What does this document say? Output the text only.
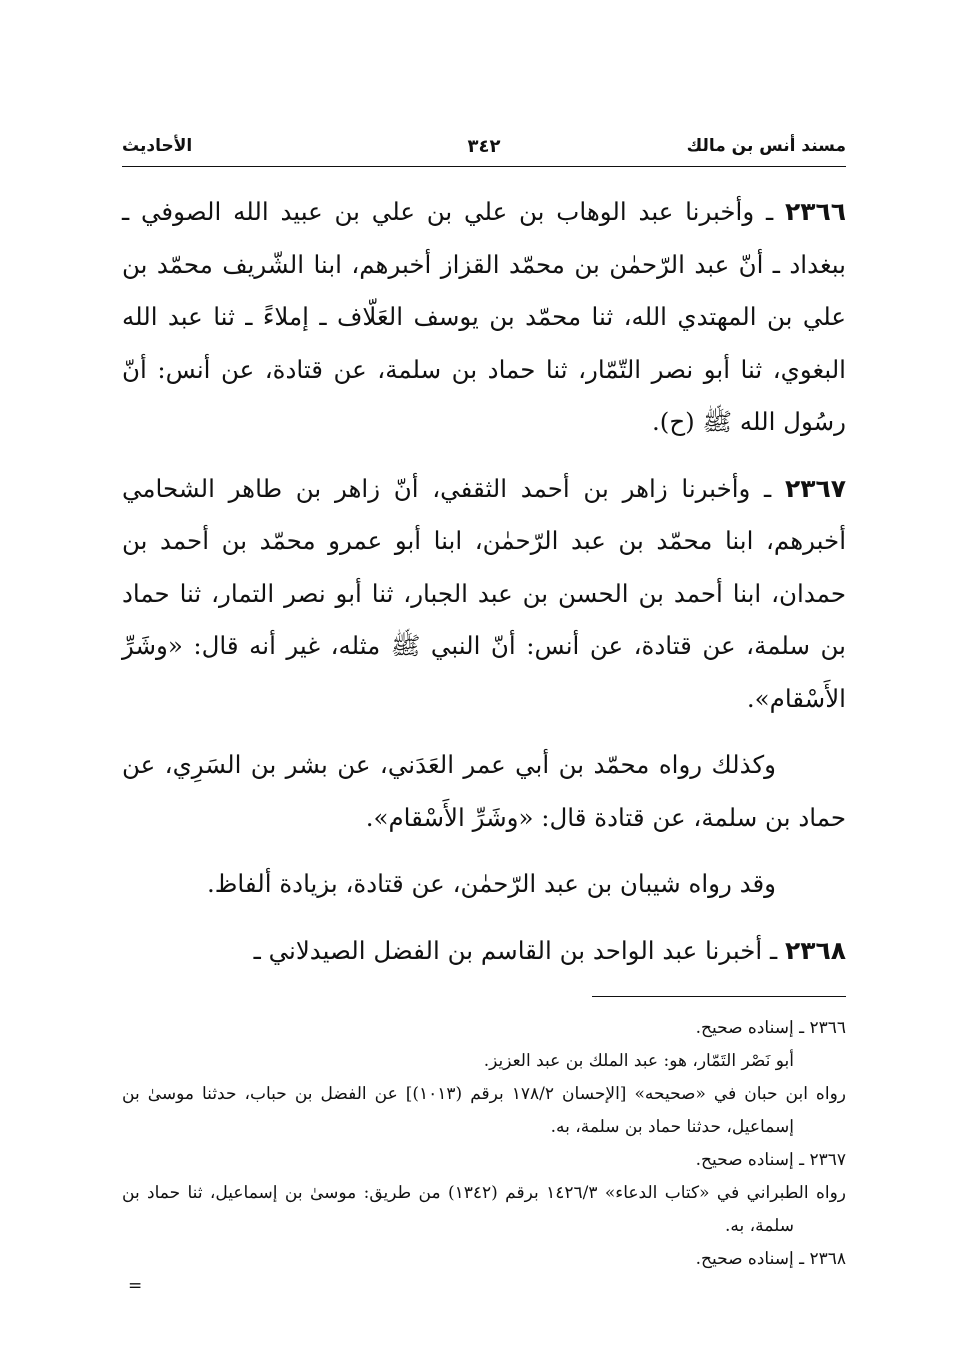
مسند أنس بن مالك
٣٤٢
الأحاديث

٢٣٦٦ ـ وأخبرنا عبد الوهاب بن علي بن علي بن عبيد الله الصوفي ـ ببغداد ـ أنّ عبد الرّحمٰن بن محمّد القزاز أخبرهم، ابنا الشّريف محمّد بن علي بن المهتدي الله، ثنا محمّد بن يوسف العَلّاف ـ إملاءً ـ ثنا عبد الله البغوي، ثنا أبو نصر التّمّار، ثنا حماد بن سلمة، عن قتادة، عن أنس: أنّ رسُول الله ﷺ (ح).

٢٣٦٧ ـ وأخبرنا زاهر بن أحمد الثقفي، أنّ زاهر بن طاهر الشحامي أخبرهم، ابنا محمّد بن عبد الرّحمٰن، ابنا أبو عمرو محمّد بن أحمد بن حمدان، ابنا أحمد بن الحسن بن عبد الجبار، ثنا أبو نصر التمار، ثنا حماد بن سلمة، عن قتادة، عن أنس: أنّ النبي ﷺ مثله، غير أنه قال: «وشَرِّ الأَسْقام».

وكذلك رواه محمّد بن أبي عمر العَدَني، عن بشر بن السَرِي، عن حماد بن سلمة، عن قتادة قال: «وشَرِّ الأَسْقام».

وقد رواه شيبان بن عبد الرّحمٰن، عن قتادة، بزيادة ألفاظ.

٢٣٦٨ ـ أخبرنا عبد الواحد بن القاسم بن الفضل الصيدلاني ـ

٢٣٦٦ ـ إسناده صحيح.

أبو نَصْر التَمّار، هو: عبد الملك بن عبد العزيز.

رواه ابن حبان في «صحيحه» [الإحسان ١٧٨/٢ برقم (١٠١٣)] عن الفضل بن حباب، حدثنا موسىٰ بن إسماعيل، حدثنا حماد بن سلمة، به.

٢٣٦٧ ـ إسناده صحيح.

رواه الطبراني في «كتاب الدعاء» ١٤٢٦/٣ برقم (١٣٤٢) من طريق: موسىٰ بن إسماعيل، ثنا حماد بن سلمة، به.

٢٣٦٨ ـ إسناده صحيح.

=
